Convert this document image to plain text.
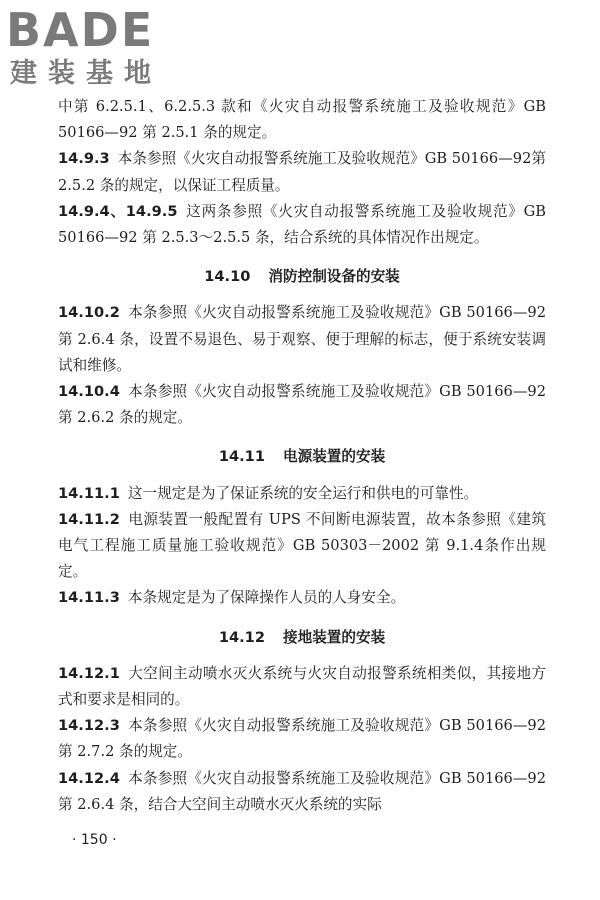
BADE
建装基地

中第 6.2.5.1、6.2.5.3 款和《火灾自动报警系统施工及验收规范》GB 50166—92 第 2.5.1 条的规定。

14.9.3 本条参照《火灾自动报警系统施工及验收规范》GB 50166—92第 2.5.2 条的规定，以保证工程质量。

14.9.4、14.9.5 这两条参照《火灾自动报警系统施工及验收规范》GB 50166—92 第 2.5.3～2.5.5 条，结合系统的具体情况作出规定。

14.10 消防控制设备的安装

14.10.2 本条参照《火灾自动报警系统施工及验收规范》GB 50166—92第 2.6.4 条，设置不易退色、易于观察、便于理解的标志，便于系统安装调试和维修。

14.10.4 本条参照《火灾自动报警系统施工及验收规范》GB 50166—92第 2.6.2 条的规定。

14.11 电源装置的安装

14.11.1 这一规定是为了保证系统的安全运行和供电的可靠性。

14.11.2 电源装置一般配置有 UPS 不间断电源装置，故本条参照《建筑电气工程施工质量施工验收规范》GB 50303－2002 第 9.1.4条作出规定。

14.11.3 本条规定是为了保障操作人员的人身安全。

14.12 接地装置的安装

14.12.1 大空间主动喷水灭火系统与火灾自动报警系统相类似，其接地方式和要求是相同的。

14.12.3 本条参照《火灾自动报警系统施工及验收规范》GB 50166—92第 2.7.2 条的规定。

14.12.4 本条参照《火灾自动报警系统施工及验收规范》GB 50166—92第 2.6.4 条，结合大空间主动喷水灭火系统的实际

· 150 ·
